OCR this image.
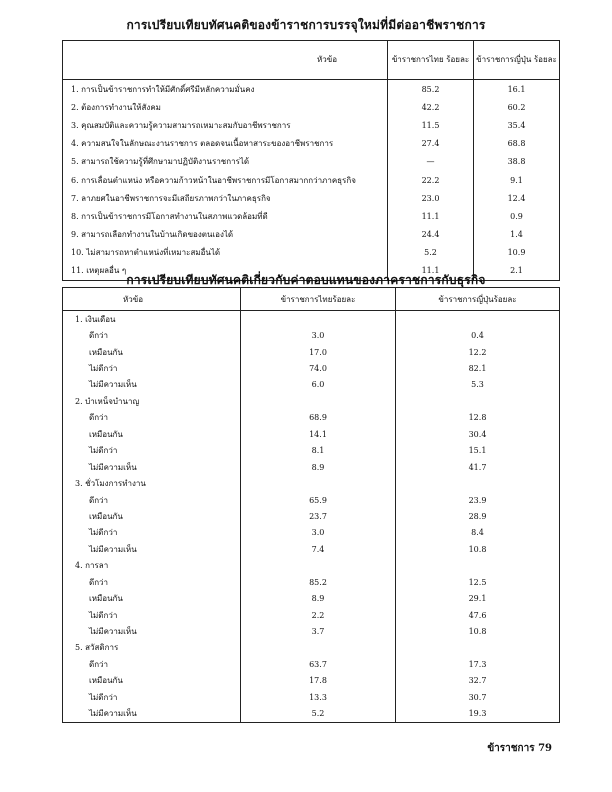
การเปรียบเทียบทัศนคติของข้าราชการบรรจุใหม่ที่มีต่ออาชีพราชการ
หัวข้อ	ข้าราชการไทย ร้อยละ	ข้าราชการญี่ปุ่น ร้อยละ
1. การเป็นข้าราชการทำให้มีศักดิ์ศรีมีหลักความมั่นคง	85.2	16.1
2. ต้องการทำงานให้สังคม	42.2	60.2
3. คุณสมบัติและความรู้ความสามารถเหมาะสมกับอาชีพราชการ	11.5	35.4
4. ความสนใจในลักษณะงานราชการ ตลอดจนเนื้อหาสาระของอาชีพราชการ	27.4	68.8
5. สามารถใช้ความรู้ที่ศึกษามาปฏิบัติงานราชการได้	—	38.8
6. การเลื่อนตำแหน่ง หรือความก้าวหน้าในอาชีพราชการมีโอกาสมากกว่าภาคธุรกิจ	22.2	9.1
7. ลาภยศในอาชีพราชการจะมีเสถียรภาพกว่าในภาคธุรกิจ	23.0	12.4
8. การเป็นข้าราชการมีโอกาสทำงานในสภาพแวดล้อมที่ดี	11.1	0.9
9. สามารถเลือกทำงานในบ้านเกิดของตนเองได้	24.4	1.4
10. ไม่สามารถหาตำแหน่งที่เหมาะสมอื่นได้	5.2	10.9
11. เหตุผลอื่น ๆ	11.1	2.1
การเปรียบเทียบทัศนคติเกี่ยวกับค่าตอบแทนของภาคราชการกับธุรกิจ
หัวข้อ	ข้าราชการไทยร้อยละ	ข้าราชการญี่ปุ่นร้อยละ
1. เงินเดือน		
ดีกว่า	3.0	0.4
เหมือนกัน	17.0	12.2
ไม่ดีกว่า	74.0	82.1
ไม่มีความเห็น	6.0	5.3
2. บำเหน็จบำนาญ		
ดีกว่า	68.9	12.8
เหมือนกัน	14.1	30.4
ไม่ดีกว่า	8.1	15.1
ไม่มีความเห็น	8.9	41.7
3. ชั่วโมงการทำงาน		
ดีกว่า	65.9	23.9
เหมือนกัน	23.7	28.9
ไม่ดีกว่า	3.0	8.4
ไม่มีความเห็น	7.4	10.8
4. การลา		
ดีกว่า	85.2	12.5
เหมือนกัน	8.9	29.1
ไม่ดีกว่า	2.2	47.6
ไม่มีความเห็น	3.7	10.8
5. สวัสดิการ		
ดีกว่า	63.7	17.3
เหมือนกัน	17.8	32.7
ไม่ดีกว่า	13.3	30.7
ไม่มีความเห็น	5.2	19.3
ข้าราชการ 79
